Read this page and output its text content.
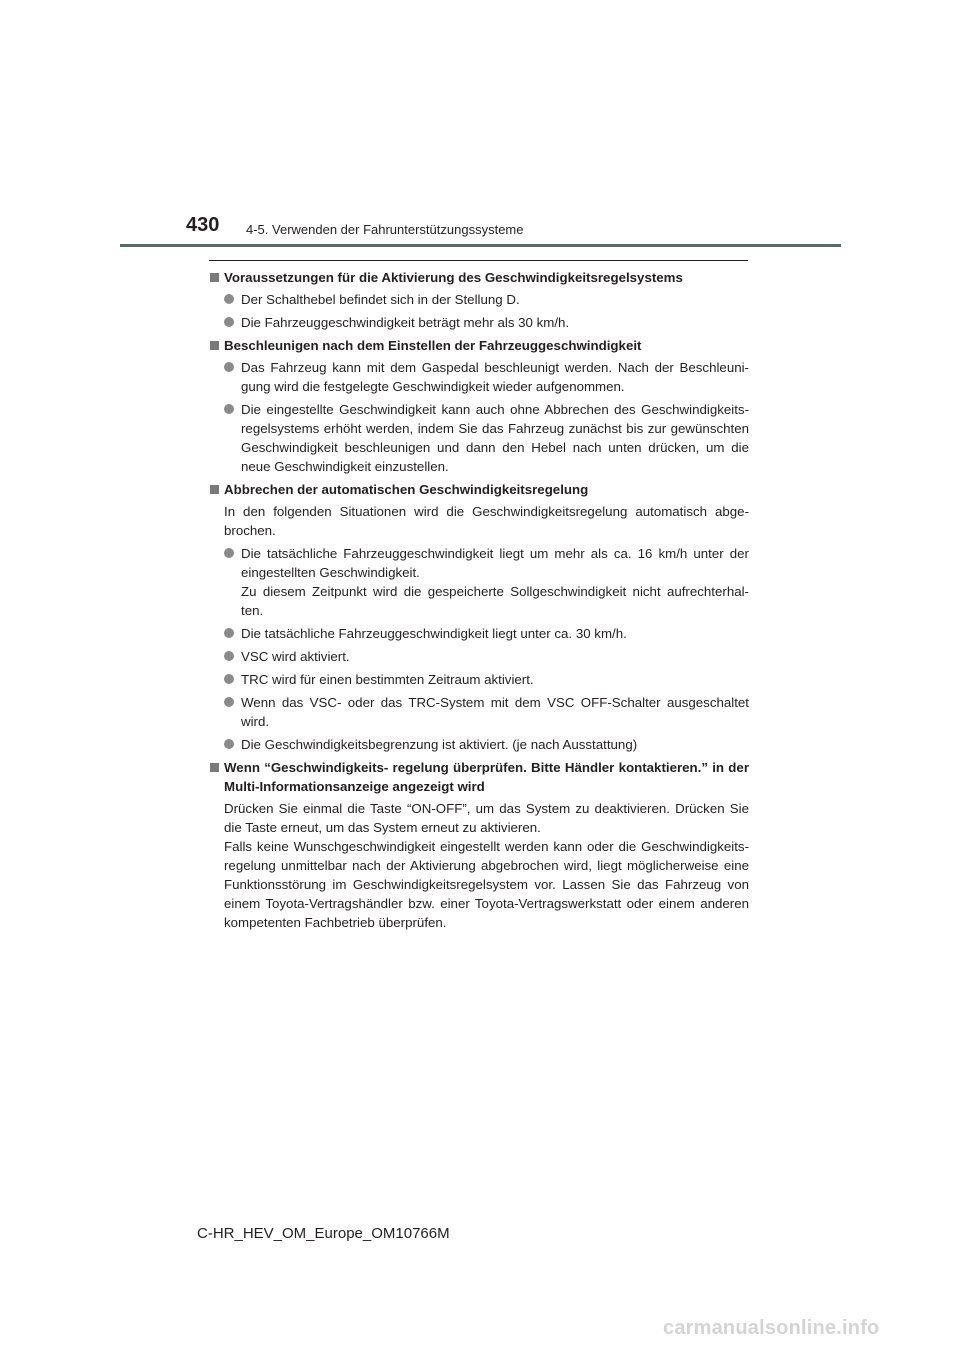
430 4-5. Verwenden der Fahrunterstützungssysteme
Voraussetzungen für die Aktivierung des Geschwindigkeitsregelsystems
Der Schalthebel befindet sich in der Stellung D.
Die Fahrzeuggeschwindigkeit beträgt mehr als 30 km/h.
Beschleunigen nach dem Einstellen der Fahrzeuggeschwindigkeit
Das Fahrzeug kann mit dem Gaspedal beschleunigt werden. Nach der Beschleuni- gung wird die festgelegte Geschwindigkeit wieder aufgenommen.
Die eingestellte Geschwindigkeit kann auch ohne Abbrechen des Geschwindigkeits- regelsystems erhöht werden, indem Sie das Fahrzeug zunächst bis zur gewünschten Geschwindigkeit beschleunigen und dann den Hebel nach unten drücken, um die neue Geschwindigkeit einzustellen.
Abbrechen der automatischen Geschwindigkeitsregelung
In den folgenden Situationen wird die Geschwindigkeitsregelung automatisch abge- brochen.
Die tatsächliche Fahrzeuggeschwindigkeit liegt um mehr als ca. 16 km/h unter der eingestellten Geschwindigkeit.
Zu diesem Zeitpunkt wird die gespeicherte Sollgeschwindigkeit nicht aufrechterhal- ten.
Die tatsächliche Fahrzeuggeschwindigkeit liegt unter ca. 30 km/h.
VSC wird aktiviert.
TRC wird für einen bestimmten Zeitraum aktiviert.
Wenn das VSC- oder das TRC-System mit dem VSC OFF-Schalter ausgeschaltet wird.
Die Geschwindigkeitsbegrenzung ist aktiviert. (je nach Ausstattung)
Wenn “Geschwindigkeits- regelung überprüfen. Bitte Händler kontaktieren.” in der Multi-Informationsanzeige angezeigt wird
Drücken Sie einmal die Taste “ON-OFF”, um das System zu deaktivieren. Drücken Sie die Taste erneut, um das System erneut zu aktivieren.
Falls keine Wunschgeschwindigkeit eingestellt werden kann oder die Geschwindigkeits- regelung unmittelbar nach der Aktivierung abgebrochen wird, liegt möglicherweise eine Funktionsstörung im Geschwindigkeitsregelsystem vor. Lassen Sie das Fahrzeug von einem Toyota-Vertragshändler bzw. einer Toyota-Vertragswerkstatt oder einem anderen kompetenten Fachbetrieb überprüfen.
C-HR_HEV_OM_Europe_OM10766M
carmanualsonline.info
